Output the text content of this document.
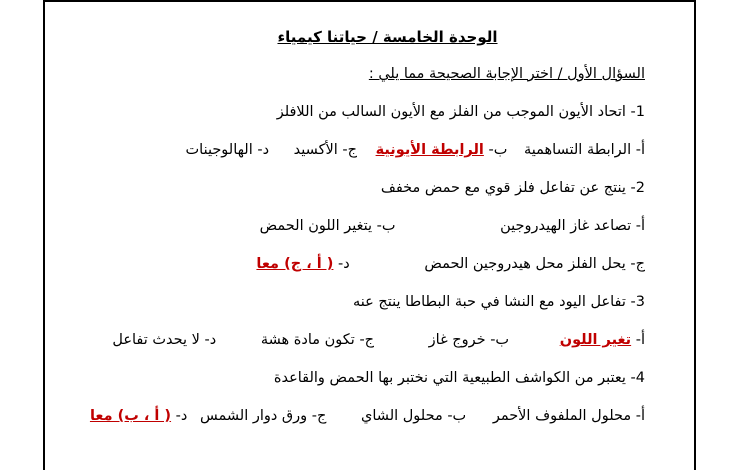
الوحدة الخامسة / حياتنا كيمياء
السؤال الأول / اختر الإجابة الصحيحة مما يلي :
1- اتحاد الأيون الموجب من الفلز مع الأيون السالب من اللافلز
أ- الرابطة التساهمية ب- الرابطة الأيونية ج- الأكسيد د- الهالوجينات
2- ينتج عن تفاعل فلز قوي مع حمض مخفف
أ- تصاعد غاز الهيدروجين ب- يتغير اللون الحمض
ج- يحل الفلز محل هيدروجين الحمض د- ( أ ، ج) معا
3- تفاعل اليود مع النشا في حبة البطاطا ينتج عنه
أ- تغير اللون ب- خروج غاز ج- تكون مادة هشة د- لا يحدث تفاعل
4- يعتبر من الكواشف الطبيعية التي نختبر بها الحمض والقاعدة
أ- محلول الملفوف الأحمر ب- محلول الشاي ج- ورق دوار الشمس د- ( أ ، ب) معا
